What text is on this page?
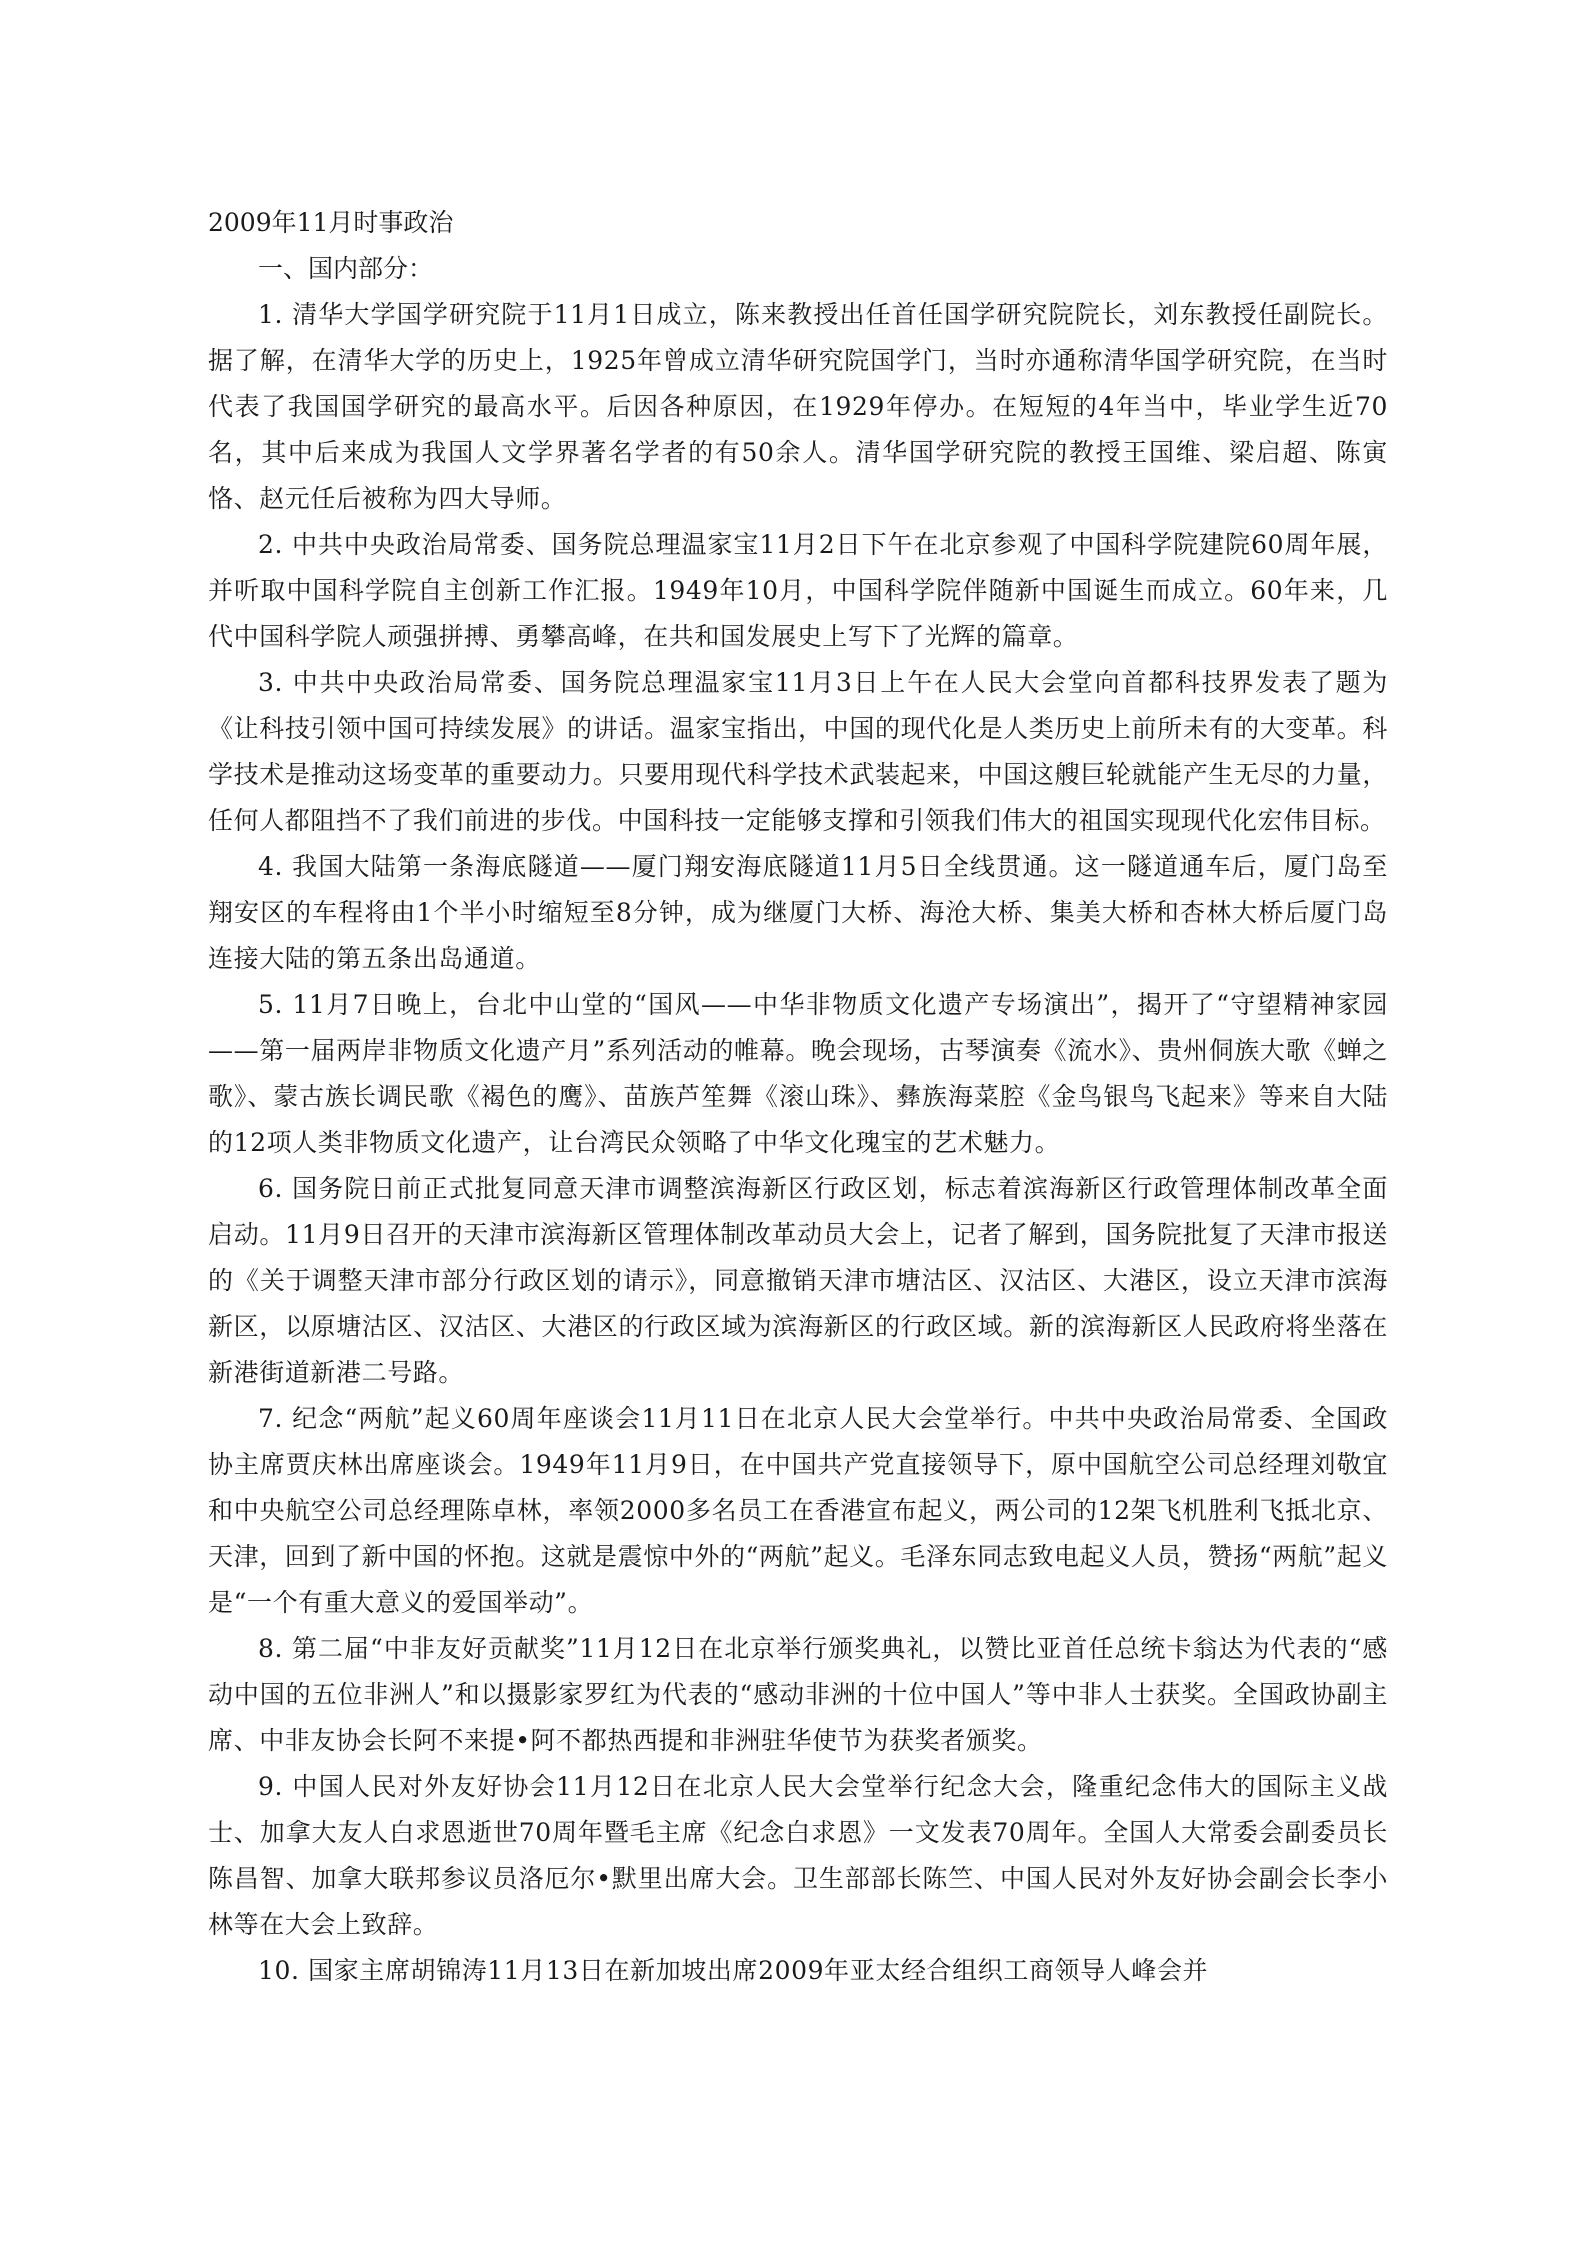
2009年11月时事政治

一、国内部分：

1. 清华大学国学研究院于11月1日成立，陈来教授出任首任国学研究院院长，刘东教授任副院长。据了解，在清华大学的历史上，1925年曾成立清华研究院国学门，当时亦通称清华国学研究院，在当时代表了我国国学研究的最高水平。后因各种原因，在1929年停办。在短短的4年当中，毕业学生近70名，其中后来成为我国人文学界著名学者的有50余人。清华国学研究院的教授王国维、梁启超、陈寅恪、赵元任后被称为四大导师。

2. 中共中央政治局常委、国务院总理温家宝11月2日下午在北京参观了中国科学院建院60周年展，并听取中国科学院自主创新工作汇报。1949年10月，中国科学院伴随新中国诞生而成立。60年来，几代中国科学院人顽强拼搏、勇攀高峰，在共和国发展史上写下了光辉的篇章。

3. 中共中央政治局常委、国务院总理温家宝11月3日上午在人民大会堂向首都科技界发表了题为《让科技引领中国可持续发展》的讲话。温家宝指出，中国的现代化是人类历史上前所未有的大变革。科学技术是推动这场变革的重要动力。只要用现代科学技术武装起来，中国这艘巨轮就能产生无尽的力量，任何人都阻挡不了我们前进的步伐。中国科技一定能够支撑和引领我们伟大的祖国实现现代化宏伟目标。

4. 我国大陆第一条海底隧道——厦门翔安海底隧道11月5日全线贯通。这一隧道通车后，厦门岛至翔安区的车程将由1个半小时缩短至8分钟，成为继厦门大桥、海沧大桥、集美大桥和杏林大桥后厦门岛连接大陆的第五条出岛通道。

5. 11月7日晚上，台北中山堂的“国风——中华非物质文化遗产专场演出”，揭开了“守望精神家园——第一届两岸非物质文化遗产月”系列活动的帷幕。晚会现场，古琴演奏《流水》、贵州侗族大歌《蝉之歌》、蒙古族长调民歌《褐色的鹰》、苗族芦笙舞《滚山珠》、彝族海菜腔《金鸟银鸟飞起来》等来自大陆的12项人类非物质文化遗产，让台湾民众领略了中华文化瑰宝的艺术魅力。

6. 国务院日前正式批复同意天津市调整滨海新区行政区划，标志着滨海新区行政管理体制改革全面启动。11月9日召开的天津市滨海新区管理体制改革动员大会上，记者了解到，国务院批复了天津市报送的《关于调整天津市部分行政区划的请示》，同意撤销天津市塘沽区、汉沽区、大港区，设立天津市滨海新区，以原塘沽区、汉沽区、大港区的行政区域为滨海新区的行政区域。新的滨海新区人民政府将坐落在新港街道新港二号路。

7. 纪念“两航”起义60周年座谈会11月11日在北京人民大会堂举行。中共中央政治局常委、全国政协主席贾庆林出席座谈会。1949年11月9日，在中国共产党直接领导下，原中国航空公司总经理刘敬宜和中央航空公司总经理陈卓林，率领2000多名员工在香港宣布起义，两公司的12架飞机胜利飞抵北京、天津，回到了新中国的怀抱。这就是震惊中外的“两航”起义。毛泽东同志致电起义人员，赞扬“两航”起义是“一个有重大意义的爱国举动”。

8. 第二届“中非友好贡献奖”11月12日在北京举行颁奖典礼，以赞比亚首任总统卡翁达为代表的“感动中国的五位非洲人”和以摄影家罗红为代表的“感动非洲的十位中国人”等中非人士获奖。全国政协副主席、中非友协会长阿不来提•阿不都热西提和非洲驻华使节为获奖者颁奖。

9. 中国人民对外友好协会11月12日在北京人民大会堂举行纪念大会，隆重纪念伟大的国际主义战士、加拿大友人白求恩逝世70周年暨毛主席《纪念白求恩》一文发表70周年。全国人大常委会副委员长陈昌智、加拿大联邦参议员洛厄尔•默里出席大会。卫生部部长陈竺、中国人民对外友好协会副会长李小林等在大会上致辞。

10. 国家主席胡锦涛11月13日在新加坡出席2009年亚太经合组织工商领导人峰会并
